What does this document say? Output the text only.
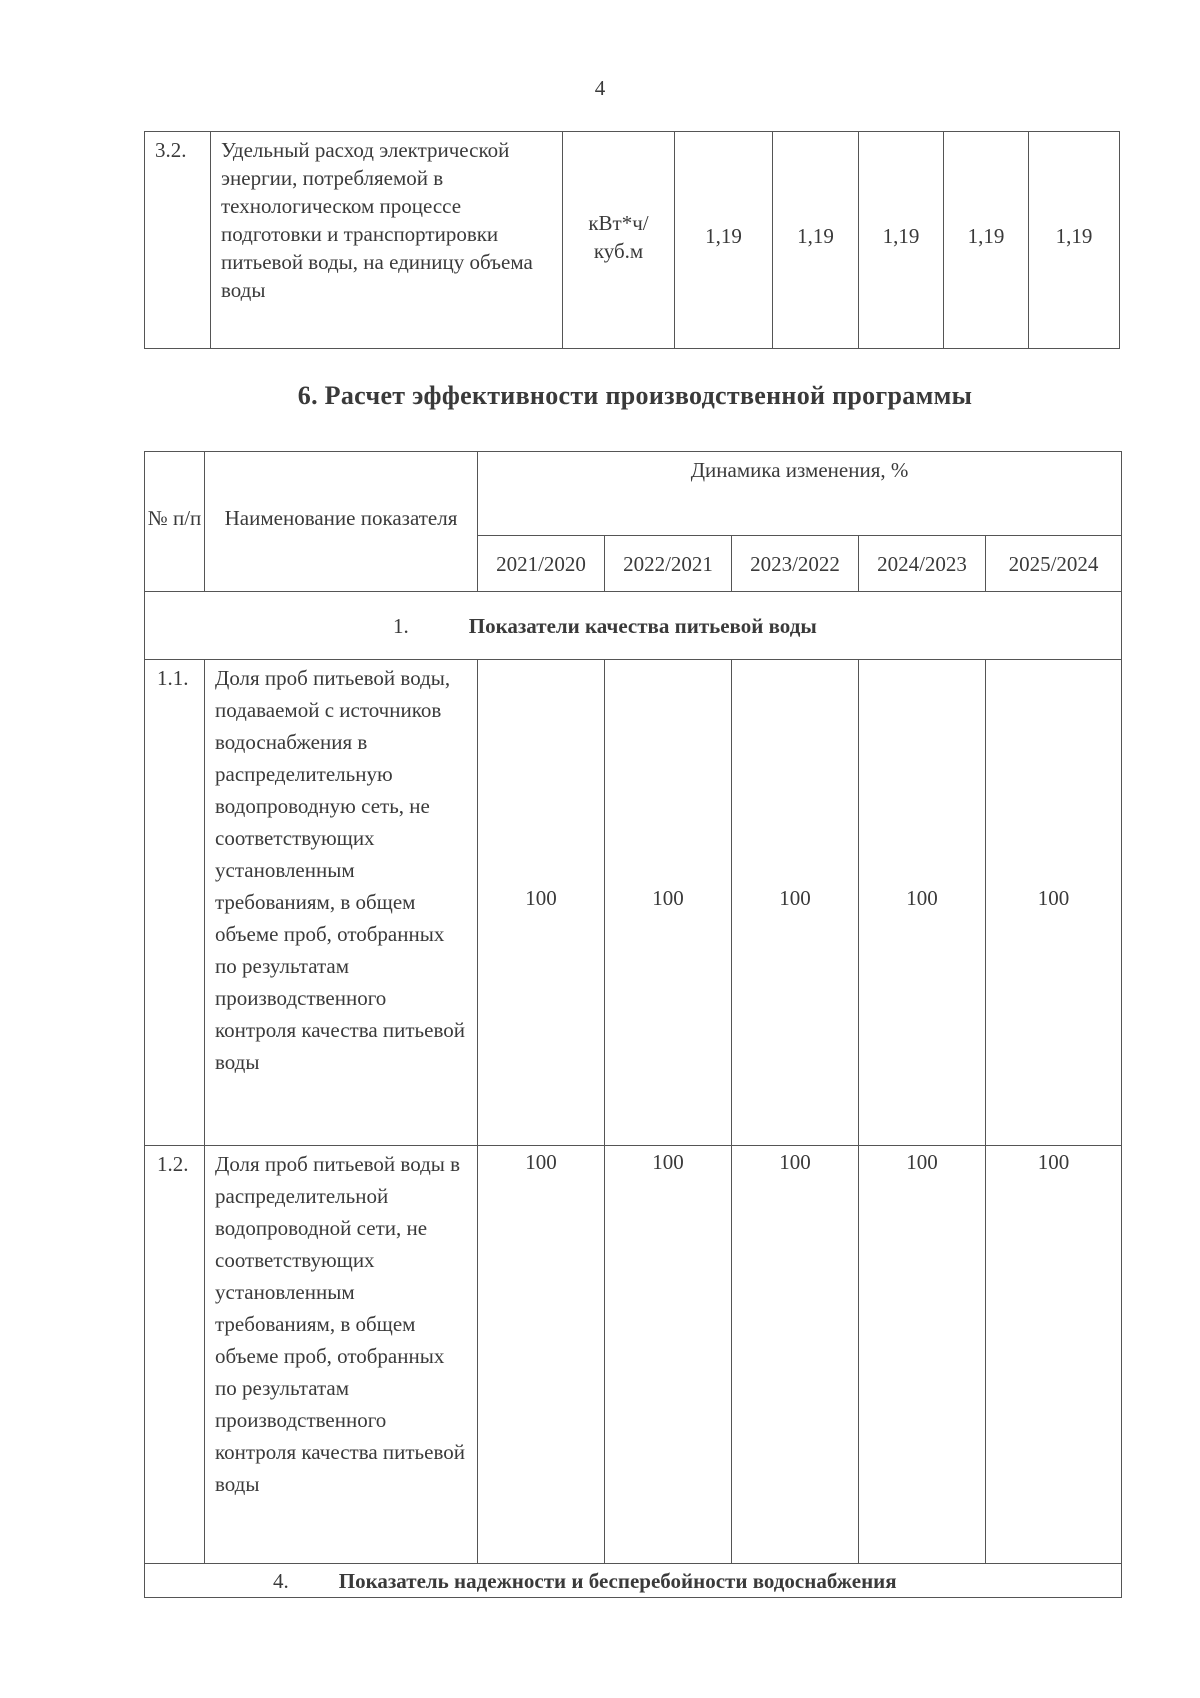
4
3.2.	Удельный расход электрической энергии, потребляемой в технологическом процессе подготовки и транспортировки питьевой воды, на единицу объема воды	кВт*ч/ куб.м	1,19	1,19	1,19	1,19	1,19
6. Расчет эффективности производственной программы
№ п/п	Наименование показателя	Динамика изменения, %				
		2021/2020	2022/2021	2023/2022	2024/2023	2025/2024

1. Показатели качества питьевой воды						

1.1.	Доля проб питьевой воды, подаваемой с источников водоснабжения в распределительную водопроводную сеть, не соответствующих установленным требованиям, в общем объеме проб, отобранных по результатам производственного контроля качества питьевой воды	100	100	100	100	100
1.2.	Доля проб питьевой воды в распределительной водопроводной сети, не соответствующих установленным требованиям, в общем объеме проб, отобранных по результатам производственного контроля качества питьевой воды	100	100	100	100	100

4. Показатель надежности и бесперебойности водоснабжения						
